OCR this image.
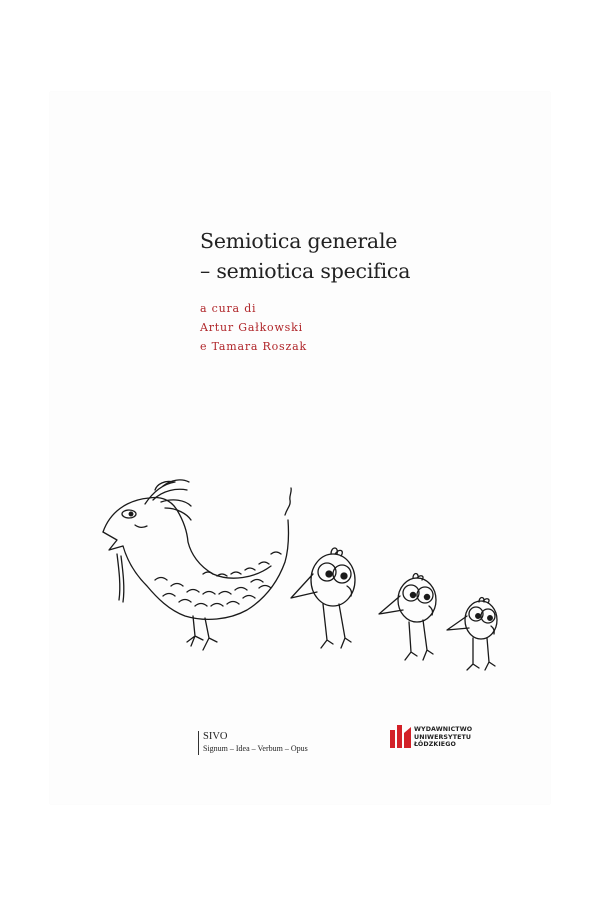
Semiotica generale
– semiotica specifica
a cura di
Artur Gałkowski
e Tamara Roszak
SIVO
Signum – Idea – Verbum – Opus
WYDAWNICTWO
UNIWERSYTETU
ŁÓDZKIEGO
